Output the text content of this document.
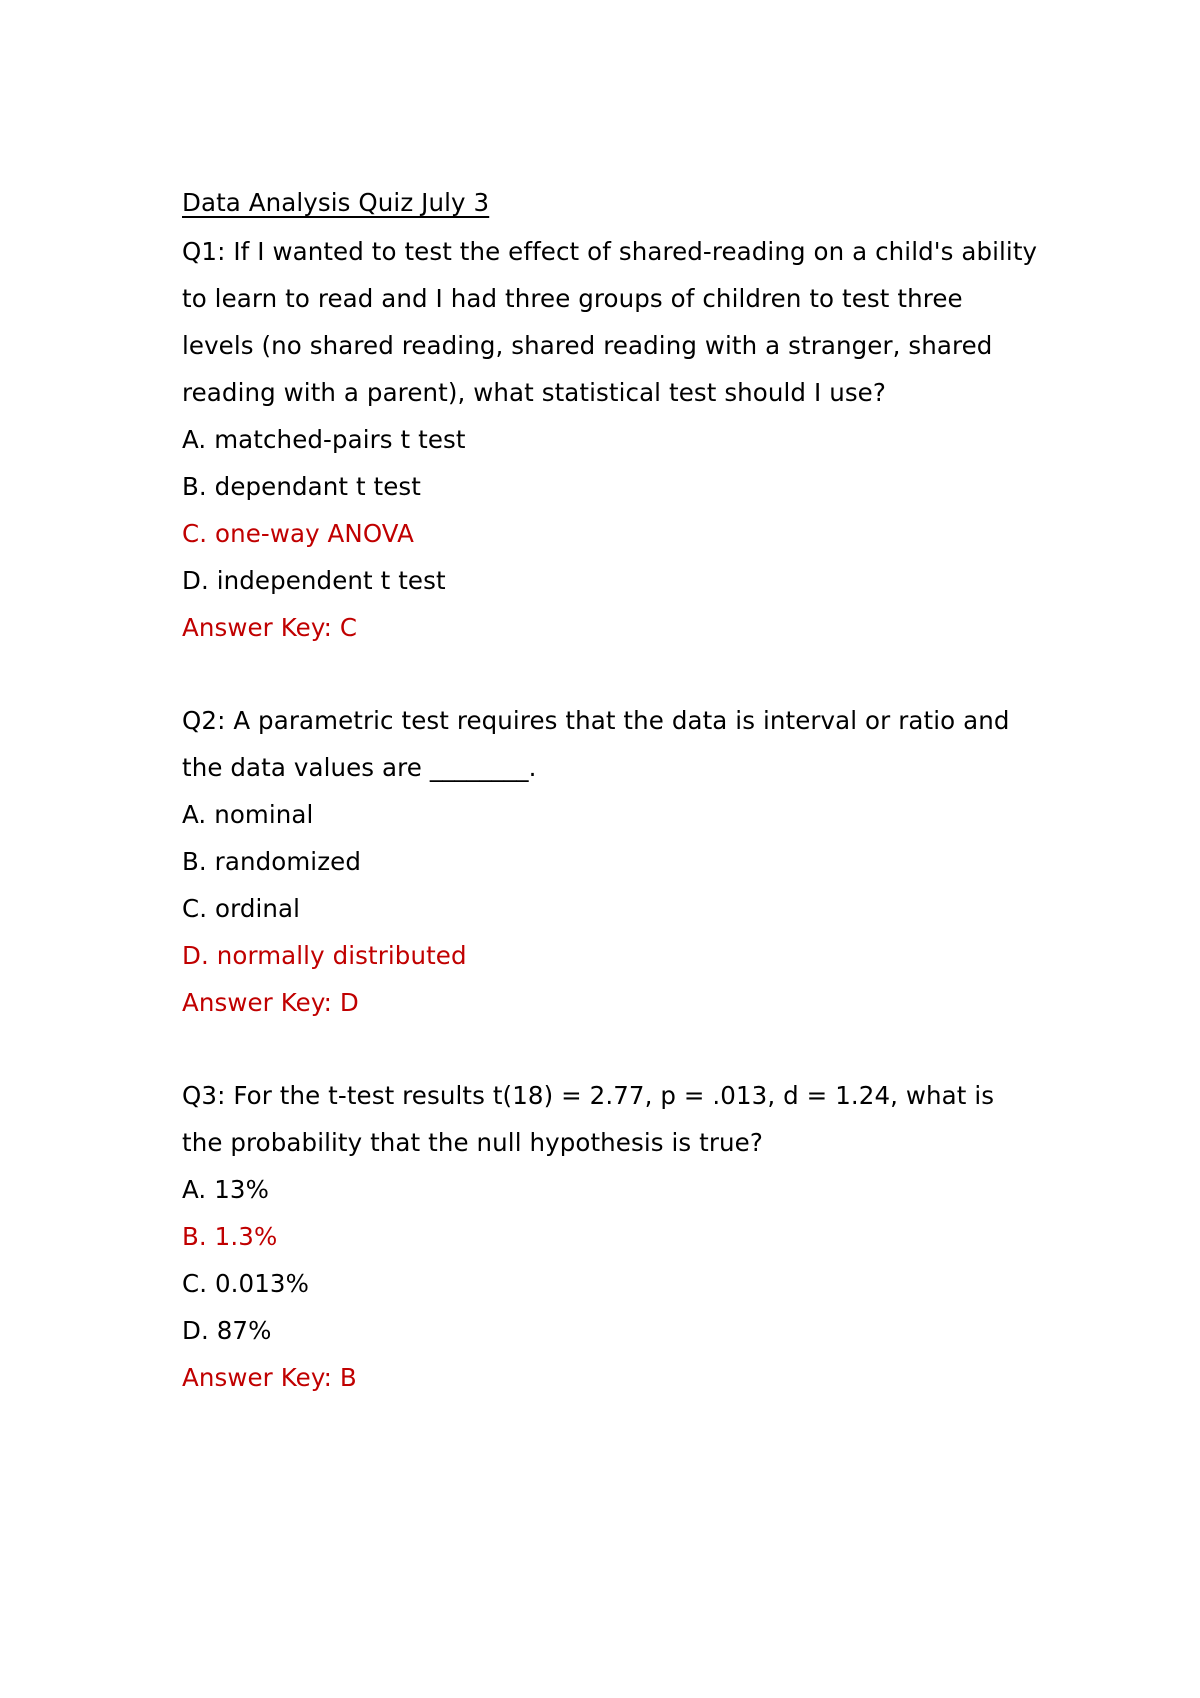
Data Analysis Quiz July 3

Q1: If I wanted to test the effect of shared-reading on a child's ability to learn to read and I had three groups of children to test three levels (no shared reading, shared reading with a stranger, shared reading with a parent), what statistical test should I use?

A. matched-pairs t test

B. dependant t test

C. one-way ANOVA

D. independent t test

Answer Key: C

Q2: A parametric test requires that the data is interval or ratio and the data values are ________.

A. nominal

B. randomized

C. ordinal

D. normally distributed

Answer Key: D

Q3: For the t-test results t(18) = 2.77, p = .013, d = 1.24, what is the probability that the null hypothesis is true?

A. 13%

B. 1.3%

C. 0.013%

D. 87%

Answer Key: B
